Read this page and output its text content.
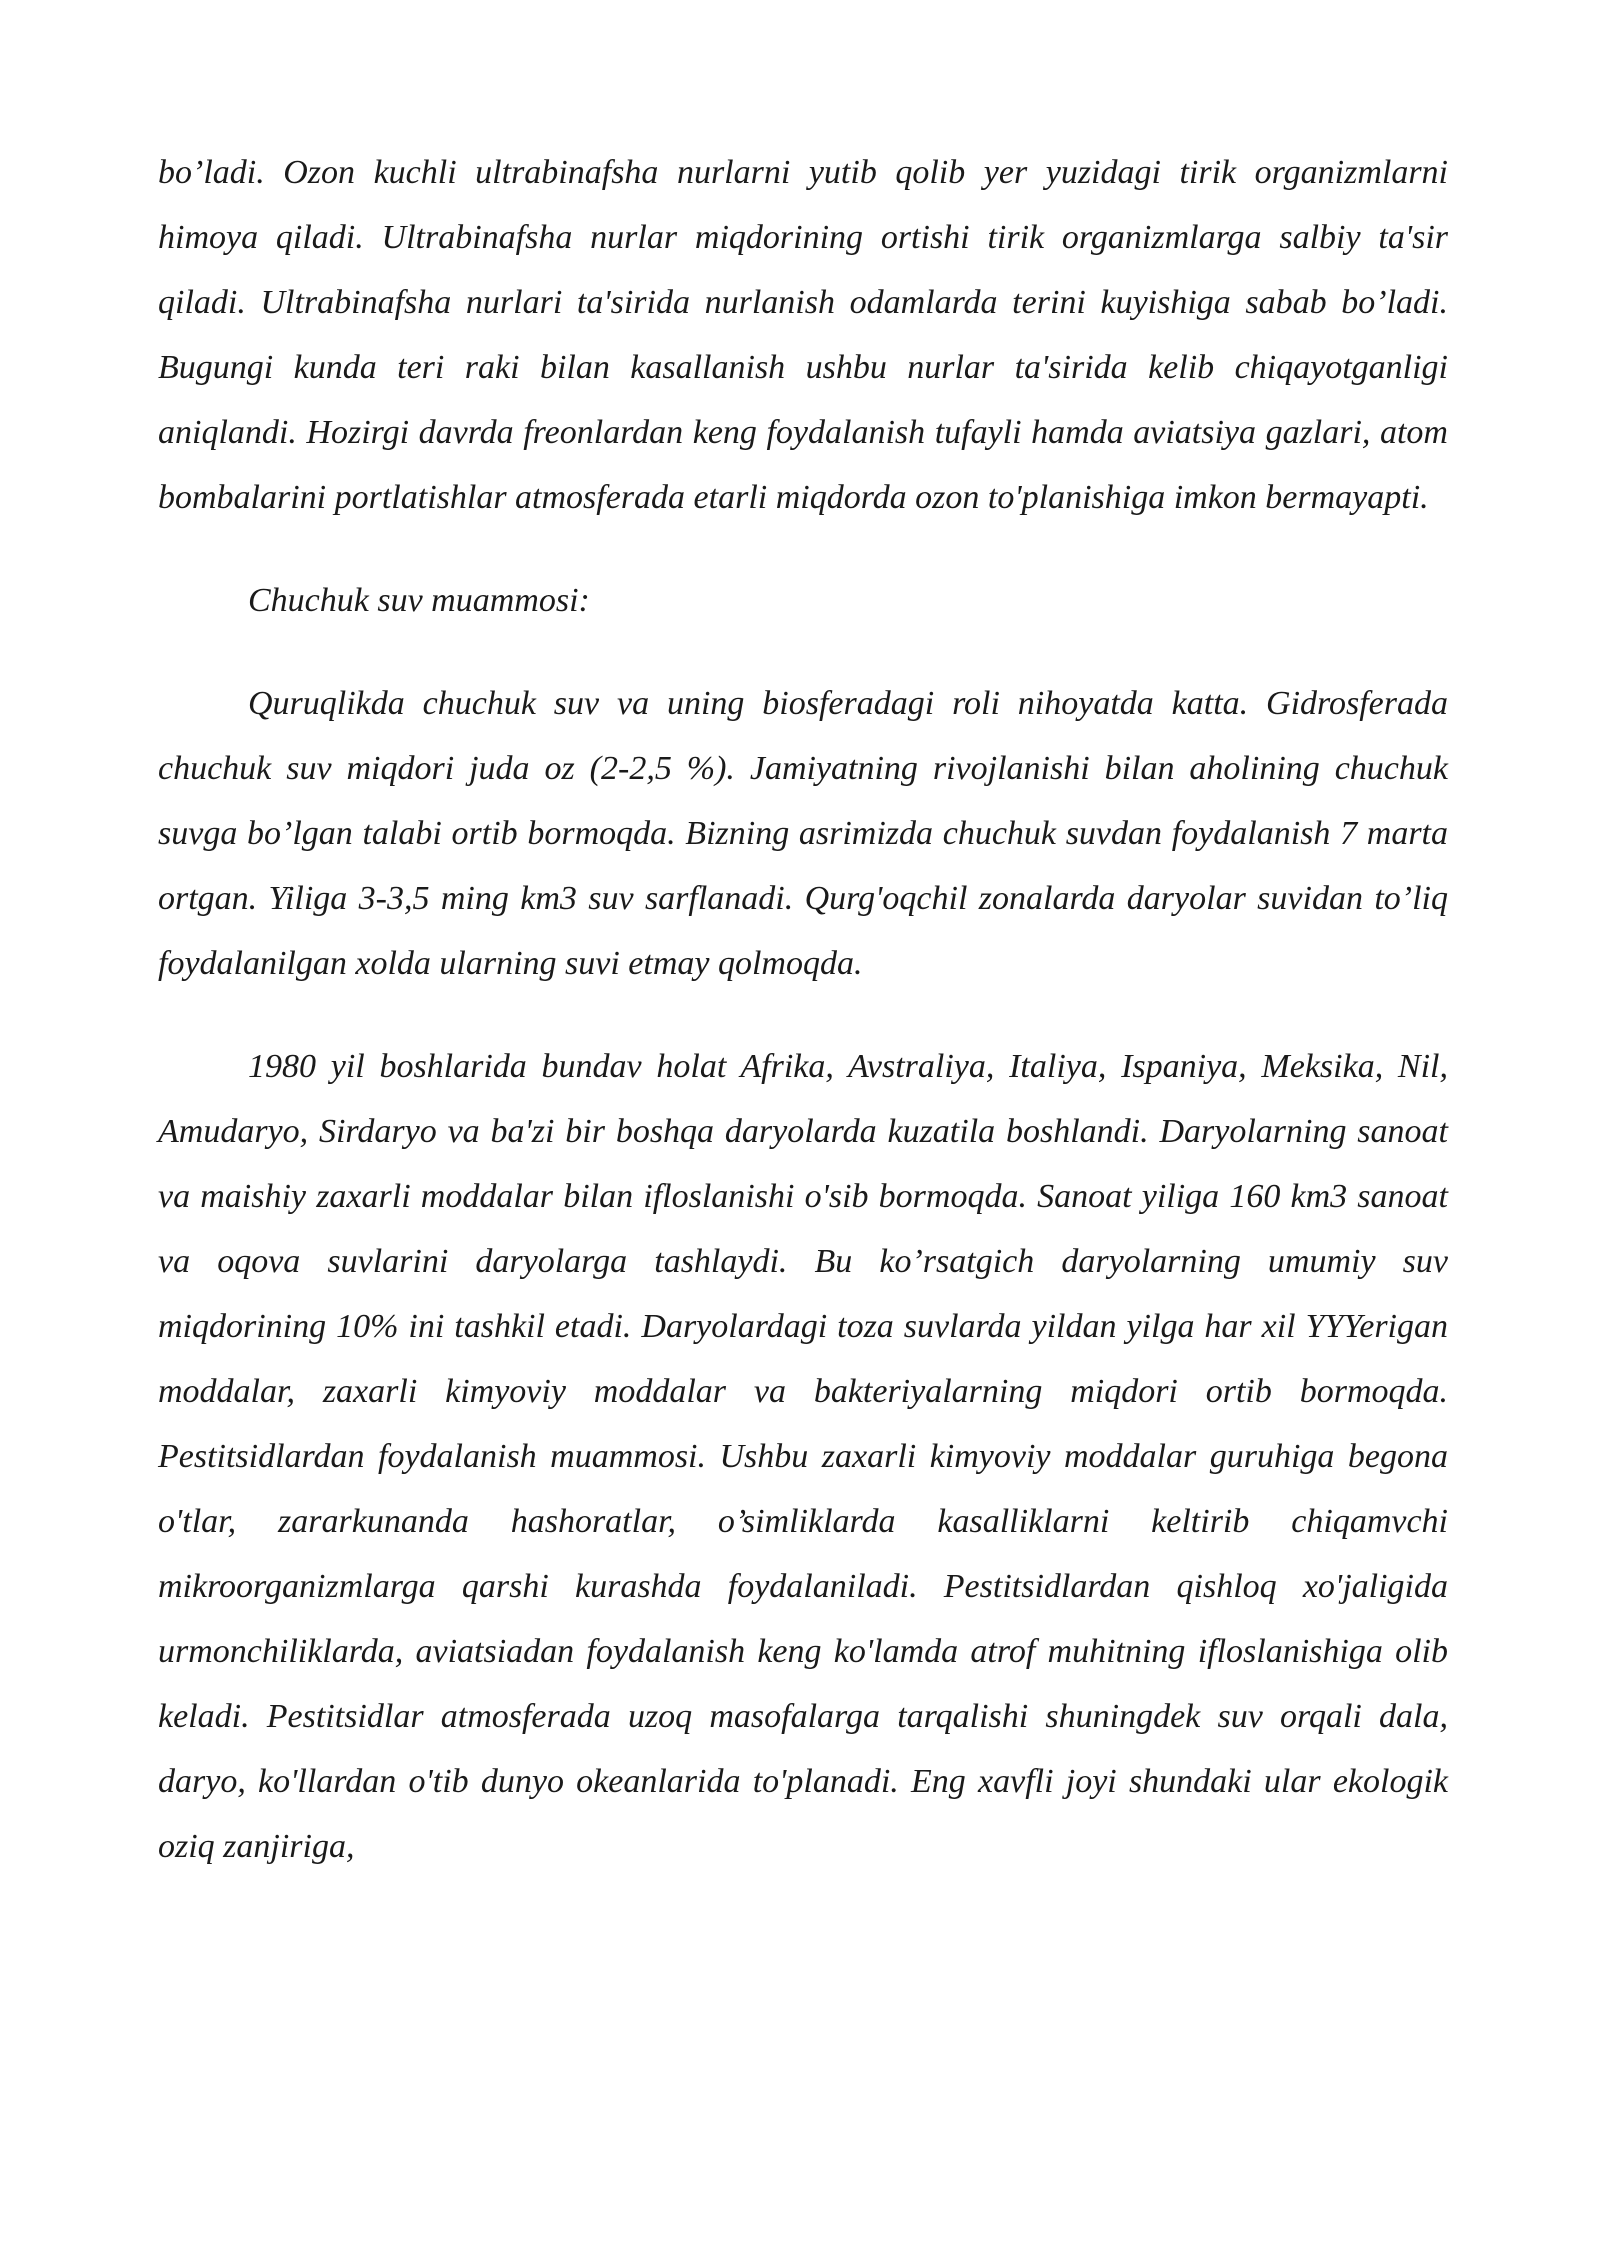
bo’ladi. Ozon kuchli ultrabinafsha nurlarni yutib qolib yer yuzidagi tirik organizmlarni himoya qiladi. Ultrabinafsha nurlar miqdorining ortishi tirik organizmlarga salbiy ta'sir qiladi. Ultrabinafsha nurlari ta'sirida nurlanish odamlarda terini kuyishiga sabab bo’ladi. Bugungi kunda teri raki bilan kasallanish ushbu nurlar ta'sirida kelib chiqayotganligi aniqlandi. Hozirgi davrda freonlardan keng foydalanish tufayli hamda aviatsiya gazlari, atom bombalarini portlatishlar atmosferada etarli miqdorda ozon to'planishiga imkon bermayapti.

Chuchuk suv muammosi:

Quruqlikda chuchuk suv va uning biosferadagi roli nihoyatda katta. Gidrosferada chuchuk suv miqdori juda oz (2-2,5 %). Jamiyatning rivojlanishi bilan aholining chuchuk suvga bo’lgan talabi ortib bormoqda. Bizning asrimizda chuchuk suvdan foydalanish 7 marta ortgan. Yiliga 3-3,5 ming km3 suv sarflanadi. Qurg'oqchil zonalarda daryolar suvidan to’liq foydalanilgan xolda ularning suvi etmay qolmoqda.

1980 yil boshlarida bundav holat Afrika, Avstraliya, Italiya, Ispaniya, Meksika, Nil, Amudaryo, Sirdaryo va ba'zi bir boshqa daryolarda kuzatila boshlandi. Daryolarning sanoat va maishiy zaxarli moddalar bilan ifloslanishi o'sib bormoqda. Sanoat yiliga 160 km3 sanoat va oqova suvlarini daryolarga tashlaydi. Bu ko’rsatgich daryolarning umumiy suv miqdorining 10% ini tashkil etadi. Daryolardagi toza suvlarda yildan yilga har xil YYYerigan moddalar, zaxarli kimyoviy moddalar va bakteriyalarning miqdori ortib bormoqda. Pestitsidlardan foydalanish muammosi. Ushbu zaxarli kimyoviy moddalar guruhiga begona o'tlar, zararkunanda hashoratlar, o’simliklarda kasalliklarni keltirib chiqamvchi mikroorganizmlarga qarshi kurashda foydalaniladi. Pestitsidlardan qishloq xo'jaligida urmonchiliklarda, aviatsiadan foydalanish keng ko'lamda atrof muhitning ifloslanishiga olib keladi. Pestitsidlar atmosferada uzoq masofalarga tarqalishi shuningdek suv orqali dala, daryo, ko'llardan o'tib dunyo okeanlarida to'planadi. Eng xavfli joyi shundaki ular ekologik oziq zanjiriga,
